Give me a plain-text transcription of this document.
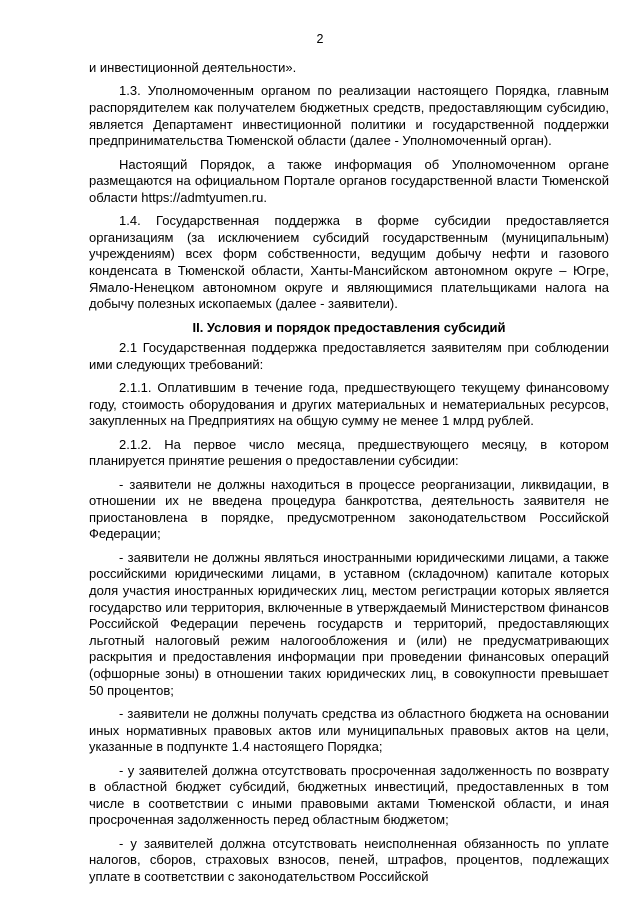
2

и инвестиционной деятельности».

1.3. Уполномоченным органом по реализации настоящего Порядка, главным распорядителем как получателем бюджетных средств, предоставляющим субсидию, является Департамент инвестиционной политики и государственной поддержки предпринимательства Тюменской области (далее - Уполномоченный орган).

Настоящий Порядок, а также информация об Уполномоченном органе размещаются на официальном Портале органов государственной власти Тюменской области https://admtyumen.ru.

1.4. Государственная поддержка в форме субсидии предоставляется организациям (за исключением субсидий государственным (муниципальным) учреждениям) всех форм собственности, ведущим добычу нефти и газового конденсата в Тюменской области, Ханты-Мансийском автономном округе – Югре, Ямало-Ненецком автономном округе и являющимися плательщиками налога на добычу полезных ископаемых (далее - заявители).

II. Условия и порядок предоставления субсидий

2.1 Государственная поддержка предоставляется заявителям при соблюдении ими следующих требований:

2.1.1. Оплатившим в течение года, предшествующего текущему финансовому году, стоимость оборудования и других материальных и нематериальных ресурсов, закупленных на Предприятиях на общую сумму не менее 1 млрд рублей.

2.1.2. На первое число месяца, предшествующего месяцу, в котором планируется принятие решения о предоставлении субсидии:

- заявители не должны находиться в процессе реорганизации, ликвидации, в отношении их не введена процедура банкротства, деятельность заявителя не приостановлена в порядке, предусмотренном законодательством Российской Федерации;

- заявители не должны являться иностранными юридическими лицами, а также российскими юридическими лицами, в уставном (складочном) капитале которых доля участия иностранных юридических лиц, местом регистрации которых является государство или территория, включенные в утверждаемый Министерством финансов Российской Федерации перечень государств и территорий, предоставляющих льготный налоговый режим налогообложения и (или) не предусматривающих раскрытия и предоставления информации при проведении финансовых операций (офшорные зоны) в отношении таких юридических лиц, в совокупности превышает 50 процентов;

- заявители не должны получать средства из областного бюджета на основании иных нормативных правовых актов или муниципальных правовых актов на цели, указанные в подпункте 1.4 настоящего Порядка;

- у заявителей должна отсутствовать просроченная задолженность по возврату в областной бюджет субсидий, бюджетных инвестиций, предоставленных в том числе в соответствии с иными правовыми актами Тюменской области, и иная просроченная задолженность перед областным бюджетом;

- у заявителей должна отсутствовать неисполненная обязанность по уплате налогов, сборов, страховых взносов, пеней, штрафов, процентов, подлежащих уплате в соответствии с законодательством Российской
